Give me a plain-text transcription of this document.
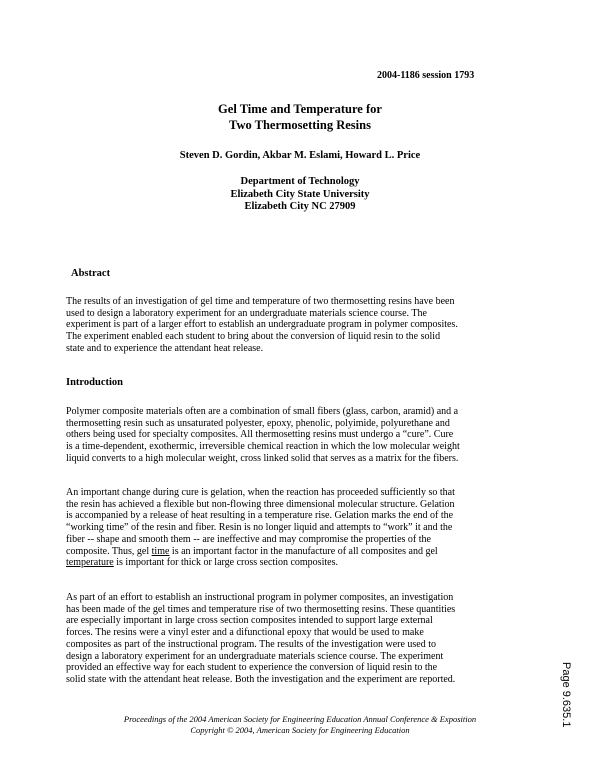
2004-1186 session 1793
Gel Time and Temperature for
Two Thermosetting Resins
Steven D. Gordin, Akbar M. Eslami, Howard L. Price
Department of Technology
Elizabeth City State University
Elizabeth City NC 27909
Abstract
The results of an investigation of gel time and temperature of two thermosetting resins have been
used to design a laboratory experiment for an undergraduate materials science course. The
experiment is part of a larger effort to establish an undergraduate program in polymer composites.
The experiment enabled each student to bring about the conversion of liquid resin to the solid
state and to experience the attendant heat release.
Introduction
Polymer composite materials often are a combination of small fibers (glass, carbon, aramid) and a
thermosetting resin such as unsaturated polyester, epoxy, phenolic, polyimide, polyurethane and
others being used for specialty composites. All thermosetting resins must undergo a “cure”. Cure
is a time-dependent, exothermic, irreversible chemical reaction in which the low molecular weight
liquid converts to a high molecular weight, cross linked solid that serves as a matrix for the fibers.
An important change during cure is gelation, when the reaction has proceeded sufficiently so that
the resin has achieved a flexible but non-flowing three dimensional molecular structure. Gelation
is accompanied by a release of heat resulting in a temperature rise. Gelation marks the end of the
“working time” of the resin and fiber. Resin is no longer liquid and attempts to “work” it and the
fiber -- shape and smooth them -- are ineffective and may compromise the properties of the
composite. Thus, gel time is an important factor in the manufacture of all composites and gel
temperature is important for thick or large cross section composites.
As part of an effort to establish an instructional program in polymer composites, an investigation
has been made of the gel times and temperature rise of two thermosetting resins. These quantities
are especially important in large cross section composites intended to support large external
forces. The resins were a vinyl ester and a difunctional epoxy that would be used to make
composites as part of the instructional program. The results of the investigation were used to
design a laboratory experiment for an undergraduate materials science course. The experiment
provided an effective way for each student to experience the conversion of liquid resin to the
solid state with the attendant heat release. Both the investigation and the experiment are reported.
Proceedings of the 2004 American Society for Engineering Education Annual Conference & Exposition
Copyright © 2004, American Society for Engineering Education
Page 9.635.1
